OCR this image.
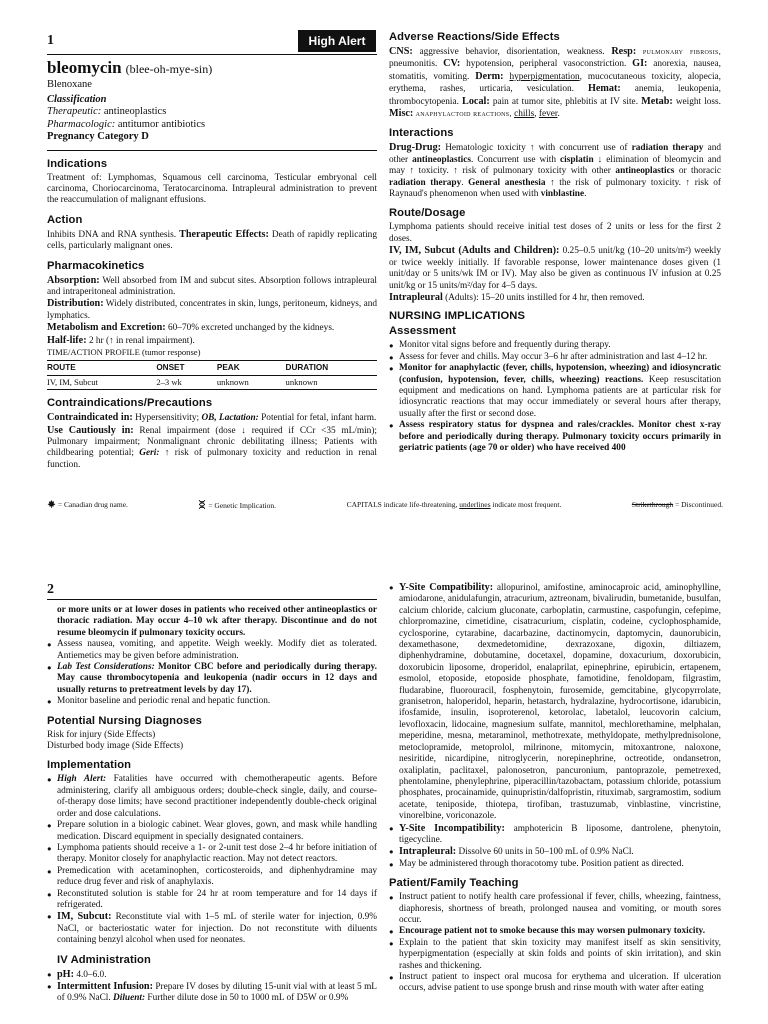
1	High Alert
bleomycin (blee-oh-mye-sin)
Blenoxane
Classification
Therapeutic: antineoplastics
Pharmacologic: antitumor antibiotics
Pregnancy Category D
Indications

Treatment of: Lymphomas, Squamous cell carcinoma, Testicular embryonal cell carcinoma, Choriocarcinoma, Teratocarcinoma. Intrapleural administration to prevent the reaccumulation of malignant effusions.

Action

Inhibits DNA and RNA synthesis. Therapeutic Effects: Death of rapidly replicating cells, particularly malignant ones.

Pharmacokinetics

Absorption: Well absorbed from IM and subcut sites. Absorption follows intrapleural and intraperitoneal administration.

Distribution: Widely distributed, concentrates in skin, lungs, peritoneum, kidneys, and lymphatics.

Metabolism and Excretion: 60–70% excreted unchanged by the kidneys.

Half-life: 2 hr (↑ in renal impairment).

TIME/ACTION PROFILE (tumor response)
ROUTE	ONSET	PEAK	DURATION
IV, IM, Subcut	2–3 wk	unknown	unknown
Contraindications/Precautions

Contraindicated in: Hypersensitivity; OB, Lactation: Potential for fetal, infant harm.

Use Cautiously in: Renal impairment (dose ↓ required if CCr <35 mL/min); Pulmonary impairment; Nonmalignant chronic debilitating illness; Patients with childbearing potential; Geri: ↑ risk of pulmonary toxicity and reduction in renal function.

Adverse Reactions/Side Effects

CNS: aggressive behavior, disorientation, weakness. Resp: pulmonary fibrosis, pneumonitis. CV: hypotension, peripheral vasoconstriction. GI: anorexia, nausea, stomatitis, vomiting. Derm: hyperpigmentation, mucocutaneous toxicity, alopecia, erythema, rashes, urticaria, vesiculation. Hemat: anemia, leukopenia, thrombocytopenia. Local: pain at tumor site, phlebitis at IV site. Metab: weight loss. Misc: anaphylactoid reactions, chills, fever.

Interactions

Drug-Drug: Hematologic toxicity ↑ with concurrent use of radiation therapy and other antineoplastics. Concurrent use with cisplatin ↓ elimination of bleomycin and may ↑ toxicity. ↑ risk of pulmonary toxicity with other antineoplastics or thoracic radiation therapy. General anesthesia ↑ the risk of pulmonary toxicity. ↑ risk of Raynaud's phenomenon when used with vinblastine.

Route/Dosage

Lymphoma patients should receive initial test doses of 2 units or less for the first 2 doses.

IV, IM, Subcut (Adults and Children): 0.25–0.5 unit/kg (10–20 units/m²) weekly or twice weekly initially. If favorable response, lower maintenance doses given (1 unit/day or 5 units/wk IM or IV). May also be given as continuous IV infusion at 0.25 unit/kg or 15 units/m²/day for 4–5 days.

Intrapleural (Adults): 15–20 units instilled for 4 hr, then removed.

NURSING IMPLICATIONS
Assessment
● Monitor vital signs before and frequently during therapy.
● Assess for fever and chills. May occur 3–6 hr after administration and last 4–12 hr.
● Monitor for anaphylactic (fever, chills, hypotension, wheezing) and idiosyncratic (confusion, hypotension, fever, chills, wheezing) reactions. Keep resuscitation equipment and medications on hand. Lymphoma patients are at particular risk for idiosyncratic reactions that may occur immediately or several hours after therapy, usually after the first or second dose.
● Assess respiratory status for dyspnea and rales/crackles. Monitor chest x-ray before and periodically during therapy. Pulmonary toxicity occurs primarily in geriatric patients (age 70 or older) who have received 400
= Canadian drug name.	= Genetic Implication.	CAPITALS indicate life-threatening, underlines indicate most frequent.	Strikethrough = Discontinued.
2

or more units or at lower doses in patients who received other antineoplastics or thoracic radiation. May occur 4–10 wk after therapy. Discontinue and do not resume bleomycin if pulmonary toxicity occurs.

● Assess nausea, vomiting, and appetite. Weigh weekly. Modify diet as tolerated. Antiemetics may be given before administration.
● Lab Test Considerations: Monitor CBC before and periodically during therapy. May cause thrombocytopenia and leukopenia (nadir occurs in 12 days and usually returns to pretreatment levels by day 17).
● Monitor baseline and periodic renal and hepatic function.
Potential Nursing Diagnoses
Risk for injury (Side Effects)
Disturbed body image (Side Effects)
Implementation
● High Alert: Fatalities have occurred with chemotherapeutic agents. Before administering, clarify all ambiguous orders; double-check single, daily, and course-of-therapy dose limits; have second practitioner independently double-check original order and dose calculations.
● Prepare solution in a biologic cabinet. Wear gloves, gown, and mask while handling medication. Discard equipment in specially designated containers.
● Lymphoma patients should receive a 1- or 2-unit test dose 2–4 hr before initiation of therapy. Monitor closely for anaphylactic reaction. May not detect reactors.
● Premedication with acetaminophen, corticosteroids, and diphenhydramine may reduce drug fever and risk of anaphylaxis.
● Reconstituted solution is stable for 24 hr at room temperature and for 14 days if refrigerated.
● IM, Subcut: Reconstitute vial with 1–5 mL of sterile water for injection, 0.9% NaCl, or bacteriostatic water for injection. Do not reconstitute with diluents containing benzyl alcohol when used for neonates.
IV Administration
● pH: 4.0–6.0.
● Intermittent Infusion: Prepare IV doses by diluting 15-unit vial with at least 5 mL of 0.9% NaCl. Diluent: Further dilute dose in 50 to 1000 mL of D5W or 0.9%
● Y-Site Compatibility: allopurinol, amifostine, aminocaproic acid, aminophylline, amiodarone, anidulafungin, atracurium, aztreonam, bivalirudin, bumetanide, busulfan, calcium chloride, calcium gluconate, carboplatin, carmustine, caspofungin, cefepime, chlorpromazine, cimetidine, cisatracurium, cisplatin, codeine, cyclophosphamide, cyclosporine, cytarabine, dacarbazine, dactinomycin, daptomycin, daunorubicin, dexamethasone, dexmedetomidine, dexrazoxane, digoxin, diltiazem, diphenhydramine, dobutamine, docetaxel, dopamine, doxacurium, doxorubicin, doxorubicin liposome, droperidol, enalaprilat, epinephrine, epirubicin, ertapenem, esmolol, etoposide, etoposide phosphate, famotidine, fenoldopam, filgrastim, fludarabine, fluorouracil, fosphenytoin, furosemide, gemcitabine, glycopyrrolate, granisetron, haloperidol, heparin, hetastarch, hydralazine, hydrocortisone, idarubicin, ifosfamide, insulin, isoproterenol, ketorolac, labetalol, leucovorin calcium, levofloxacin, lidocaine, magnesium sulfate, mannitol, mechlorethamine, melphalan, meperidine, mesna, metaraminol, methotrexate, methyldopate, methylprednisolone, metoclopramide, metoprolol, milrinone, mitomycin, mitoxantrone, naloxone, nesiritide, nicardipine, nitroglycerin, norepinephrine, octreotide, ondansetron, oxaliplatin, paclitaxel, palonosetron, pancuronium, pantoprazole, pemetrexed, phentolamine, phenylephrine, piperacillin/tazobactam, potassium chloride, potassium phosphates, procainamide, quinupristin/dalfopristin, rituximab, sargramostim, sodium acetate, teniposide, thiotepa, tirofiban, trastuzumab, vinblastine, vincristine, vinorelbine, voriconazole.
● Y-Site Incompatibility: amphotericin B liposome, dantrolene, phenytoin, tigecycline.
● Intrapleural: Dissolve 60 units in 50–100 mL of 0.9% NaCl.
● May be administered through thoracotomy tube. Position patient as directed.
Patient/Family Teaching
● Instruct patient to notify health care professional if fever, chills, wheezing, faintness, diaphoresis, shortness of breath, prolonged nausea and vomiting, or mouth sores occur.
● Encourage patient not to smoke because this may worsen pulmonary toxicity.
● Explain to the patient that skin toxicity may manifest itself as skin sensitivity, hyperpigmentation (especially at skin folds and points of skin irritation), and skin rashes and thickening.
● Instruct patient to inspect oral mucosa for erythema and ulceration. If ulceration occurs, advise patient to use sponge brush and rinse mouth with water after eating
